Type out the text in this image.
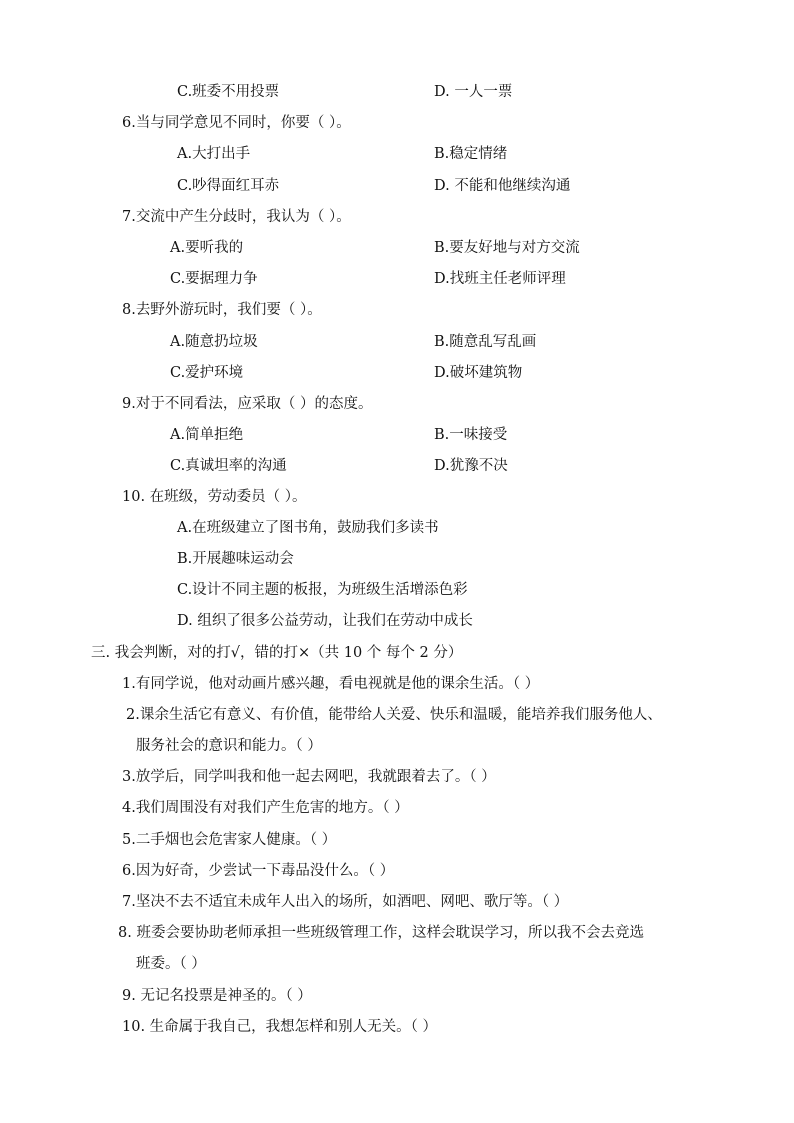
C.班委不用投票	D. 一人一票
6.当与同学意见不同时，你要（ ）。
A.大打出手	B.稳定情绪
C.吵得面红耳赤	D. 不能和他继续沟通
7.交流中产生分歧时，我认为（ ）。
A.要听我的	B.要友好地与对方交流
C.要据理力争	D.找班主任老师评理
8.去野外游玩时，我们要（ ）。
A.随意扔垃圾	B.随意乱写乱画
C.爱护环境	D.破坏建筑物
9.对于不同看法，应采取（ ）的态度。
A.简单拒绝	B.一味接受
C.真诚坦率的沟通	D.犹豫不决
10. 在班级，劳动委员（ ）。
A.在班级建立了图书角，鼓励我们多读书
B.开展趣味运动会
C.设计不同主题的板报，为班级生活增添色彩
D. 组织了很多公益劳动，让我们在劳动中成长
三. 我会判断，对的打√，错的打×（共 10 个 每个 2 分）
1.有同学说，他对动画片感兴趣，看电视就是他的课余生活。（ ）
2.课余生活它有意义、有价值，能带给人关爱、快乐和温暖，能培养我们服务他人、
服务社会的意识和能力。（ ）
3.放学后，同学叫我和他一起去网吧，我就跟着去了。（ ）
4.我们周围没有对我们产生危害的地方。（ ）
5.二手烟也会危害家人健康。（ ）
6.因为好奇，少尝试一下毒品没什么。（ ）
7.坚决不去不适宜未成年人出入的场所，如酒吧、网吧、歌厅等。（ ）
8. 班委会要协助老师承担一些班级管理工作，这样会耽误学习，所以我不会去竞选
班委。（ ）
9. 无记名投票是神圣的。（ ）
10. 生命属于我自己，我想怎样和别人无关。（ ）
